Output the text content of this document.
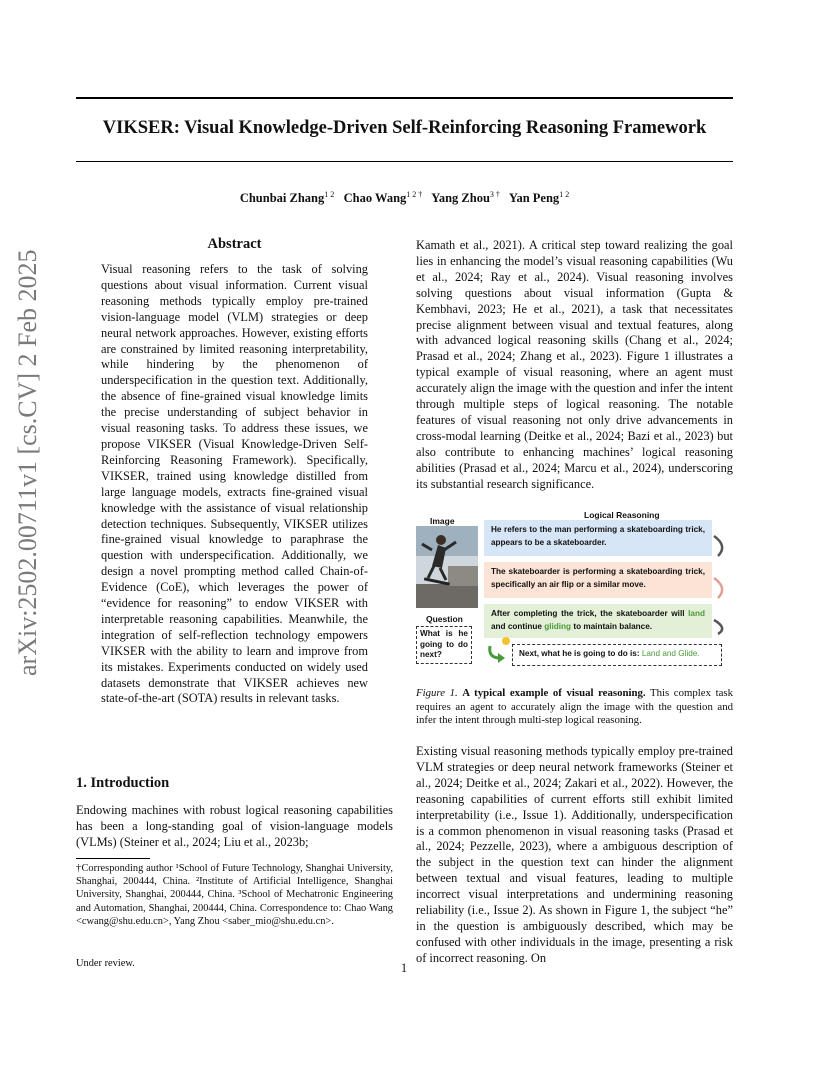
VIKSER: Visual Knowledge-Driven Self-Reinforcing Reasoning Framework
Chunbai Zhang$^{1 2}$ Chao Wang$^{1 2 \dagger}$ Yang Zhou$^{3 \dagger}$ Yan Peng$^{1 2}$
arXiv:2502.00711v1 [cs.CV] 2 Feb 2025
Abstract
Visual reasoning refers to the task of solving questions about visual information. Current visual reasoning methods typically employ pre-trained vision-language model (VLM) strategies or deep neural network approaches. However, existing efforts are constrained by limited reasoning interpretability, while hindering by the phenomenon of underspecification in the question text. Additionally, the absence of fine-grained visual knowledge limits the precise understanding of subject behavior in visual reasoning tasks. To address these issues, we propose VIKSER (Visual Knowledge-Driven Self-Reinforcing Reasoning Framework). Specifically, VIKSER, trained using knowledge distilled from large language models, extracts fine-grained visual knowledge with the assistance of visual relationship detection techniques. Subsequently, VIKSER utilizes fine-grained visual knowledge to paraphrase the question with underspecification. Additionally, we design a novel prompting method called Chain-of-Evidence (CoE), which leverages the power of “evidence for reasoning” to endow VIKSER with interpretable reasoning capabilities. Meanwhile, the integration of self-reflection technology empowers VIKSER with the ability to learn and improve from its mistakes. Experiments conducted on widely used datasets demonstrate that VIKSER achieves new state-of-the-art (SOTA) results in relevant tasks.
1. Introduction
Endowing machines with robust logical reasoning capabilities has been a long-standing goal of vision-language models (VLMs) (Steiner et al., 2024; Liu et al., 2023b;
†Corresponding author ¹School of Future Technology, Shanghai University, Shanghai, 200444, China. ²Institute of Artificial Intelligence, Shanghai University, Shanghai, 200444, China. ³School of Mechatronic Engineering and Automation, Shanghai, 200444, China. Correspondence to: Chao Wang <cwang@shu.edu.cn>, Yang Zhou <saber_mio@shu.edu.cn>.
Under review.
Kamath et al., 2021). A critical step toward realizing the goal lies in enhancing the model’s visual reasoning capabilities (Wu et al., 2024; Ray et al., 2024). Visual reasoning involves solving questions about visual information (Gupta & Kembhavi, 2023; He et al., 2021), a task that necessitates precise alignment between visual and textual features, along with advanced logical reasoning skills (Chang et al., 2024; Prasad et al., 2024; Zhang et al., 2023). Figure 1 illustrates a typical example of visual reasoning, where an agent must accurately align the image with the question and infer the intent through multiple steps of logical reasoning. The notable features of visual reasoning not only drive advancements in cross-modal learning (Deitke et al., 2024; Bazi et al., 2023) but also contribute to enhancing machines’ logical reasoning abilities (Prasad et al., 2024; Marcu et al., 2024), underscoring its substantial research significance.
Image
Logical Reasoning
Question
What is he going to do next?
He refers to the man performing a skateboarding trick, appears to be a skateboarder.
The skateboarder is performing a skateboarding trick, specifically an air flip or a similar move.
After completing the trick, the skateboarder will land and continue gliding to maintain balance.
Next, what he is going to do is: Land and Glide.
Figure 1. A typical example of visual reasoning. This complex task requires an agent to accurately align the image with the question and infer the intent through multi-step logical reasoning.
Existing visual reasoning methods typically employ pre-trained VLM strategies or deep neural network frameworks (Steiner et al., 2024; Deitke et al., 2024; Zakari et al., 2022). However, the reasoning capabilities of current efforts still exhibit limited interpretability (i.e., Issue 1). Additionally, underspecification is a common phenomenon in visual reasoning tasks (Prasad et al., 2024; Pezzelle, 2023), where a ambiguous description of the subject in the question text can hinder the alignment between textual and visual features, leading to multiple incorrect visual interpretations and undermining reasoning reliability (i.e., Issue 2). As shown in Figure 1, the subject “he” in the question is ambiguously described, which may be confused with other individuals in the image, presenting a risk of incorrect reasoning. On
1
